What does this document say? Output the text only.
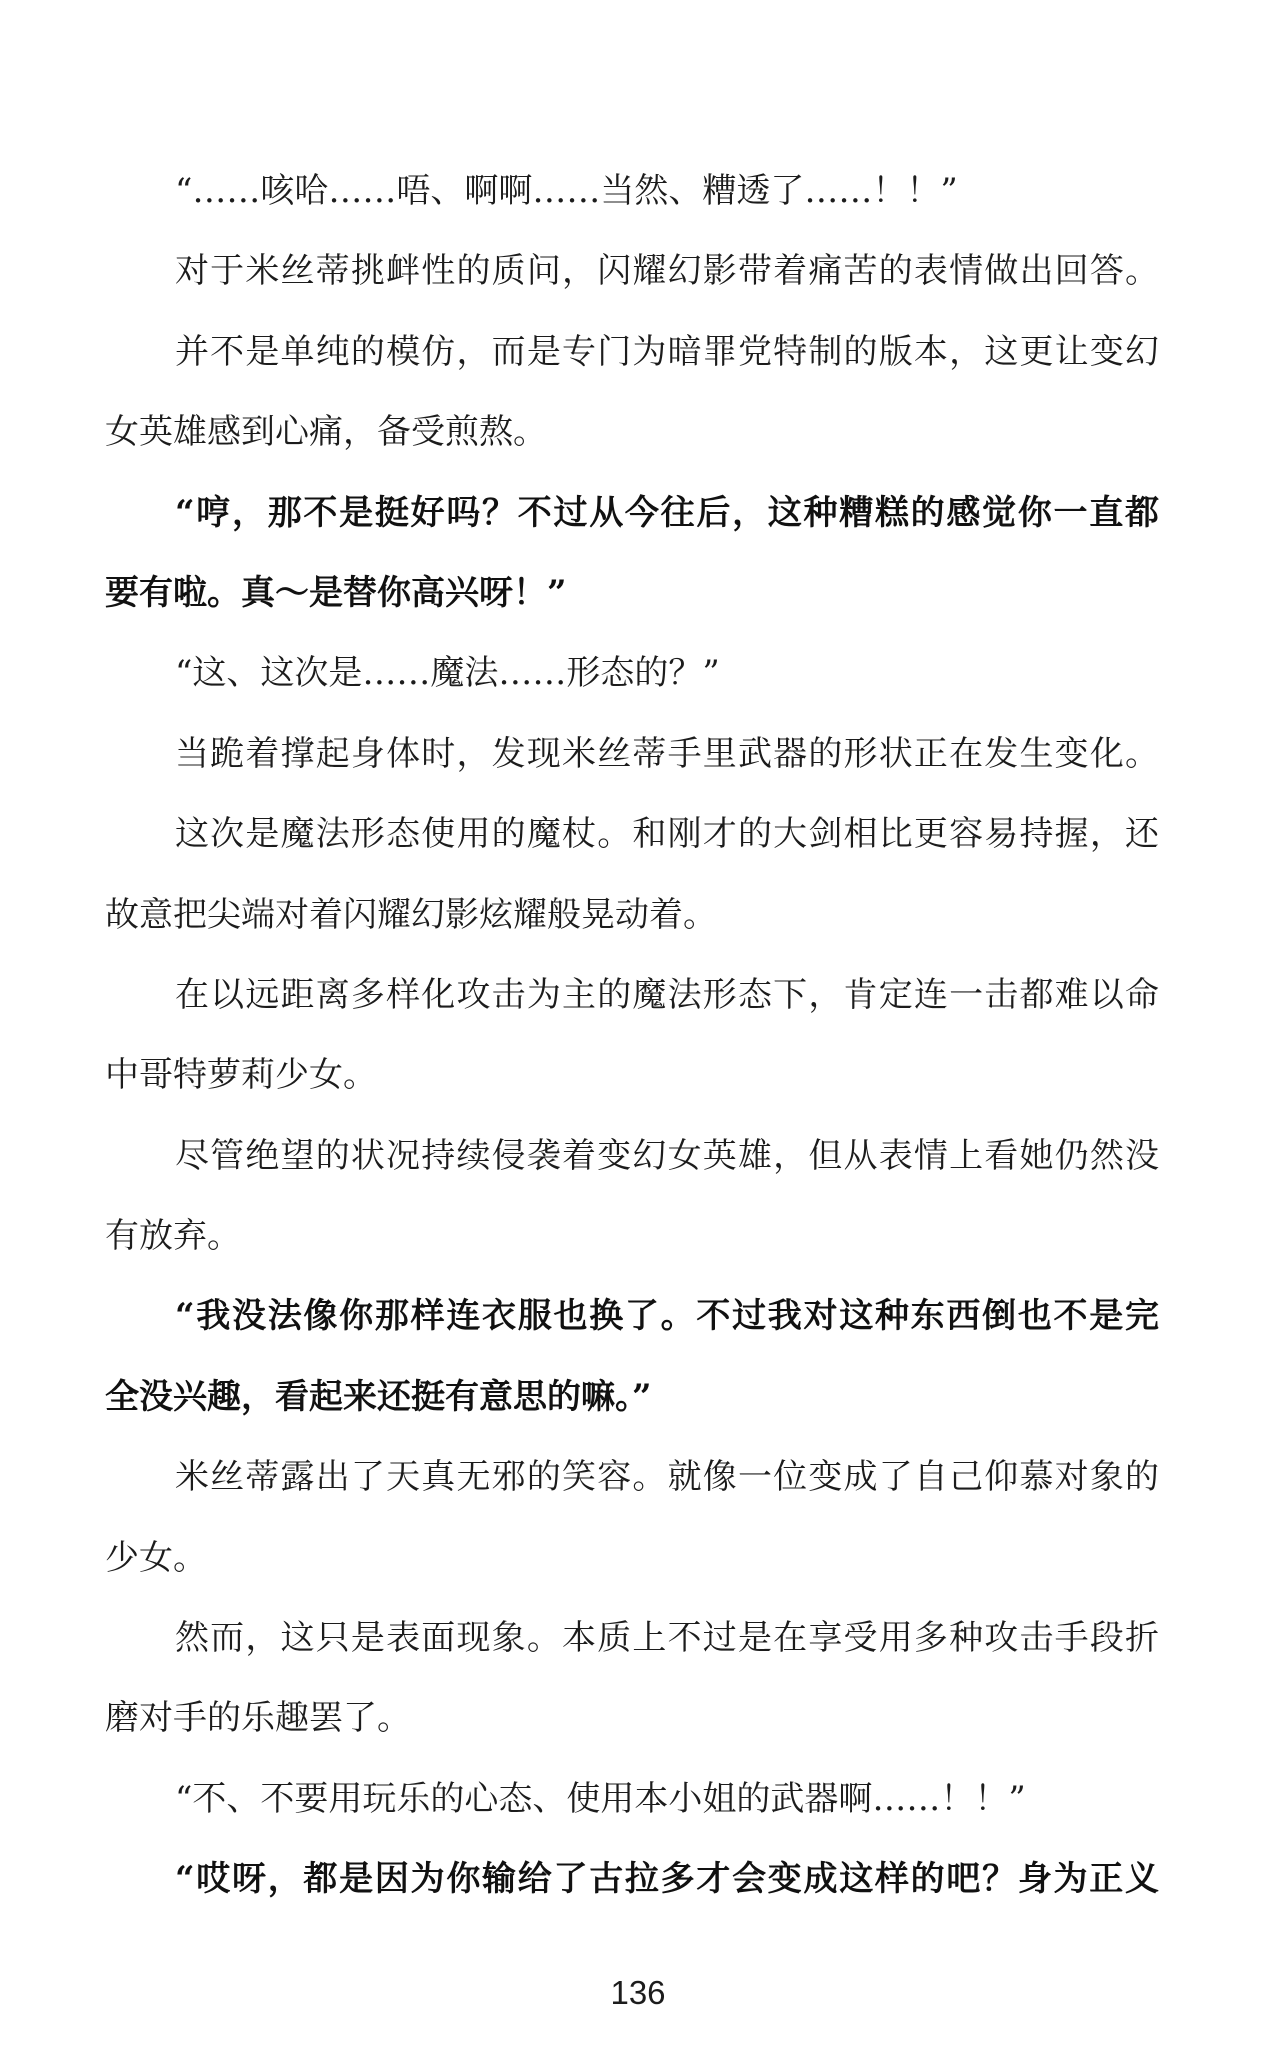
“……咳哈……唔、啊啊……当然、糟透了……！！”
对于米丝蒂挑衅性的质问，闪耀幻影带着痛苦的表情做出回答。
并不是单纯的模仿，而是专门为暗罪党特制的版本，这更让变幻
女英雄感到心痛，备受煎熬。
“哼，那不是挺好吗？不过从今往后，这种糟糕的感觉你一直都
要有啦。真～是替你高兴呀！”
“这、这次是……魔法……形态的？”
当跪着撑起身体时，发现米丝蒂手里武器的形状正在发生变化。
这次是魔法形态使用的魔杖。和刚才的大剑相比更容易持握，还
故意把尖端对着闪耀幻影炫耀般晃动着。
在以远距离多样化攻击为主的魔法形态下，肯定连一击都难以命
中哥特萝莉少女。
尽管绝望的状况持续侵袭着变幻女英雄，但从表情上看她仍然没
有放弃。
“我没法像你那样连衣服也换了。不过我对这种东西倒也不是完
全没兴趣，看起来还挺有意思的嘛。”
米丝蒂露出了天真无邪的笑容。就像一位变成了自己仰慕对象的
少女。
然而，这只是表面现象。本质上不过是在享受用多种攻击手段折
磨对手的乐趣罢了。
“不、不要用玩乐的心态、使用本小姐的武器啊……！！”
“哎呀，都是因为你输给了古拉多才会变成这样的吧？身为正义
136
